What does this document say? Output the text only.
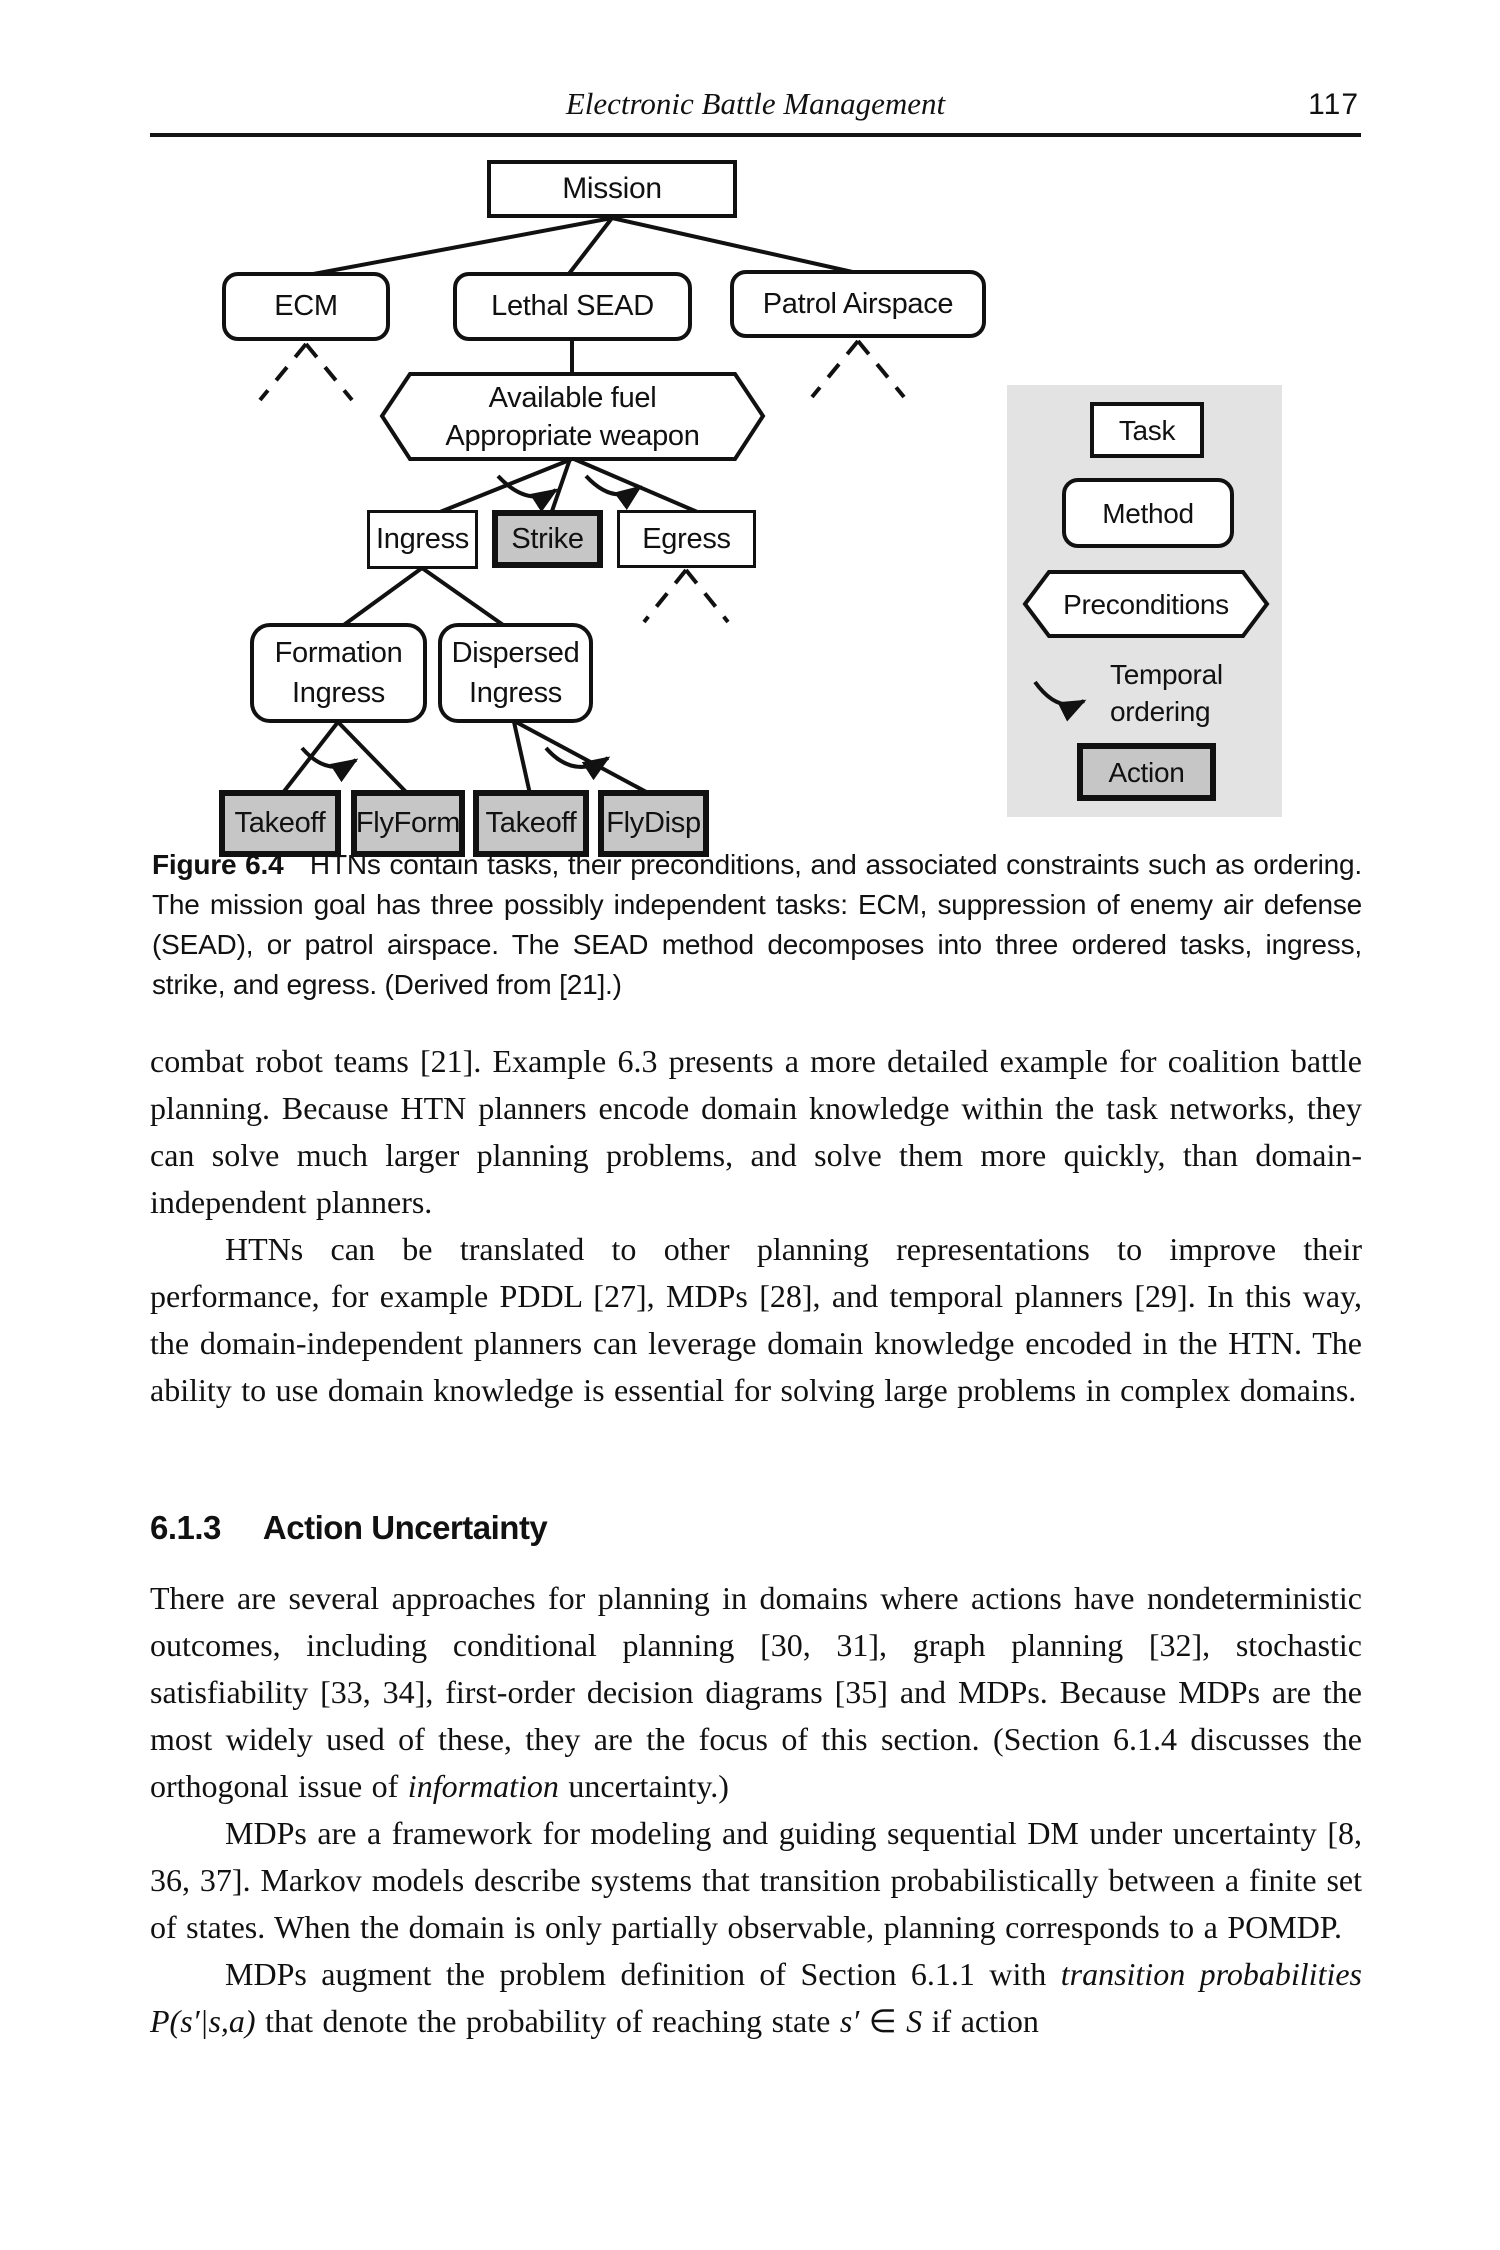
Electronic Battle Management	117
Mission
ECM	Lethal SEAD	Patrol Airspace
Available fuel
Appropriate weapon
Ingress Strike Egress
Formation
Ingress
Dispersed
Ingress
Takeoff FlyForm Takeoff FlyDisp
Task
Method
Preconditions
Temporal
ordering
Action

Figure 6.4   HTNs contain tasks, their preconditions, and associated constraints such as ordering. The mission goal has three possibly independent tasks: ECM, suppression of enemy air defense (SEAD), or patrol airspace. The SEAD method decomposes into three ordered tasks, ingress, strike, and egress. (Derived from [21].)

combat robot teams [21]. Example 6.3 presents a more detailed example for coalition battle planning. Because HTN planners encode domain knowledge within the task networks, they can solve much larger planning problems, and solve them more quickly, than domain-independent planners.

HTNs can be translated to other planning representations to improve their performance, for example PDDL [27], MDPs [28], and temporal planners [29]. In this way, the domain-independent planners can leverage domain knowledge encoded in the HTN. The ability to use domain knowledge is essential for solving large problems in complex domains.

6.1.3 Action Uncertainty

There are several approaches for planning in domains where actions have nondeterministic outcomes, including conditional planning [30, 31], graph planning [32], stochastic satisfiability [33, 34], first-order decision diagrams [35] and MDPs. Because MDPs are the most widely used of these, they are the focus of this section. (Section 6.1.4 discusses the orthogonal issue of information uncertainty.)

MDPs are a framework for modeling and guiding sequential DM under uncertainty [8, 36, 37]. Markov models describe systems that transition probabilistically between a finite set of states. When the domain is only partially observable, planning corresponds to a POMDP.

MDPs augment the problem definition of Section 6.1.1 with transition probabilities P(s′|s,a) that denote the probability of reaching state s′ ∈ S if action
